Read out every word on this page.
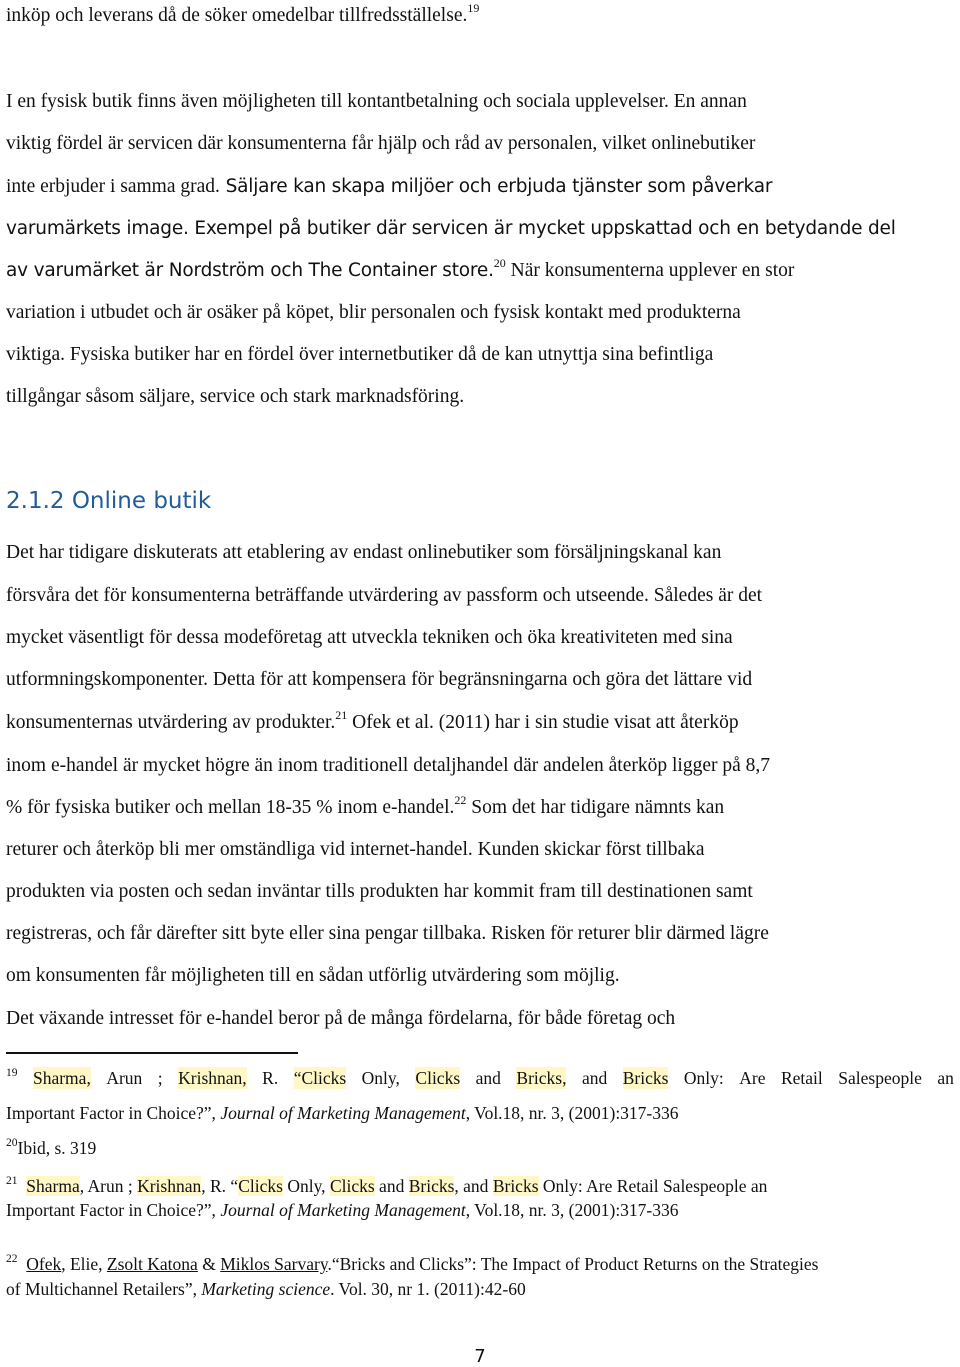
inköp och leverans då de söker omedelbar tillfredsställelse.$^{19}$
I en fysisk butik finns även möjligheten till kontantbetalning och sociala upplevelser. En annan
viktig fördel är servicen där konsumenterna får hjälp och råd av personalen, vilket onlinebutiker
inte erbjuder i samma grad. Säljare kan skapa miljöer och erbjuda tjänster som påverkar
varumärkets image. Exempel på butiker där servicen är mycket uppskattad och en betydande del
av varumärket är Nordström och The Container store.$^{20}$ När konsumenterna upplever en stor
variation i utbudet och är osäker på köpet, blir personalen och fysisk kontakt med produkterna
viktiga. Fysiska butiker har en fördel över internetbutiker då de kan utnyttja sina befintliga
tillgångar såsom säljare, service och stark marknadsföring.
2.1.2 Online butik
Det har tidigare diskuterats att etablering av endast onlinebutiker som försäljningskanal kan
försvåra det för konsumenterna beträffande utvärdering av passform och utseende. Således är det
mycket väsentligt för dessa modeföretag att utveckla tekniken och öka kreativiteten med sina
utformningskomponenter. Detta för att kompensera för begränsningarna och göra det lättare vid
konsumenternas utvärdering av produkter.$^{21}$ Ofek et al. (2011) har i sin studie visat att återköp
inom e-handel är mycket högre än inom traditionell detaljhandel där andelen återköp ligger på 8,7
% för fysiska butiker och mellan 18-35 % inom e-handel.$^{22}$ Som det har tidigare nämnts kan
returer och återköp bli mer omständliga vid internet-handel. Kunden skickar först tillbaka
produkten via posten och sedan inväntar tills produkten har kommit fram till destinationen samt
registreras, och får därefter sitt byte eller sina pengar tillbaka. Risken för returer blir därmed lägre
om konsumenten får möjligheten till en sådan utförlig utvärdering som möjlig.
Det växande intresset för e-handel beror på de många fördelarna, för både företag och
$^{19}$ Sharma, Arun ; Krishnan, R. “Clicks Only, Clicks and Bricks, and Bricks Only: Are Retail Salespeople an
Important Factor in Choice?”, Journal of Marketing Management, Vol.18, nr. 3, (2001):317-336
$^{20}$Ibid, s. 319
$^{21}$ Sharma, Arun ; Krishnan, R. “Clicks Only, Clicks and Bricks, and Bricks Only: Are Retail Salespeople an
Important Factor in Choice?”, Journal of Marketing Management, Vol.18, nr. 3, (2001):317-336
$^{22}$ Ofek, Elie, Zsolt Katona & Miklos Sarvary.“Bricks and Clicks”: The Impact of Product Returns on the Strategies
of Multichannel Retailers”, Marketing science. Vol. 30, nr 1. (2011):42-60
7
